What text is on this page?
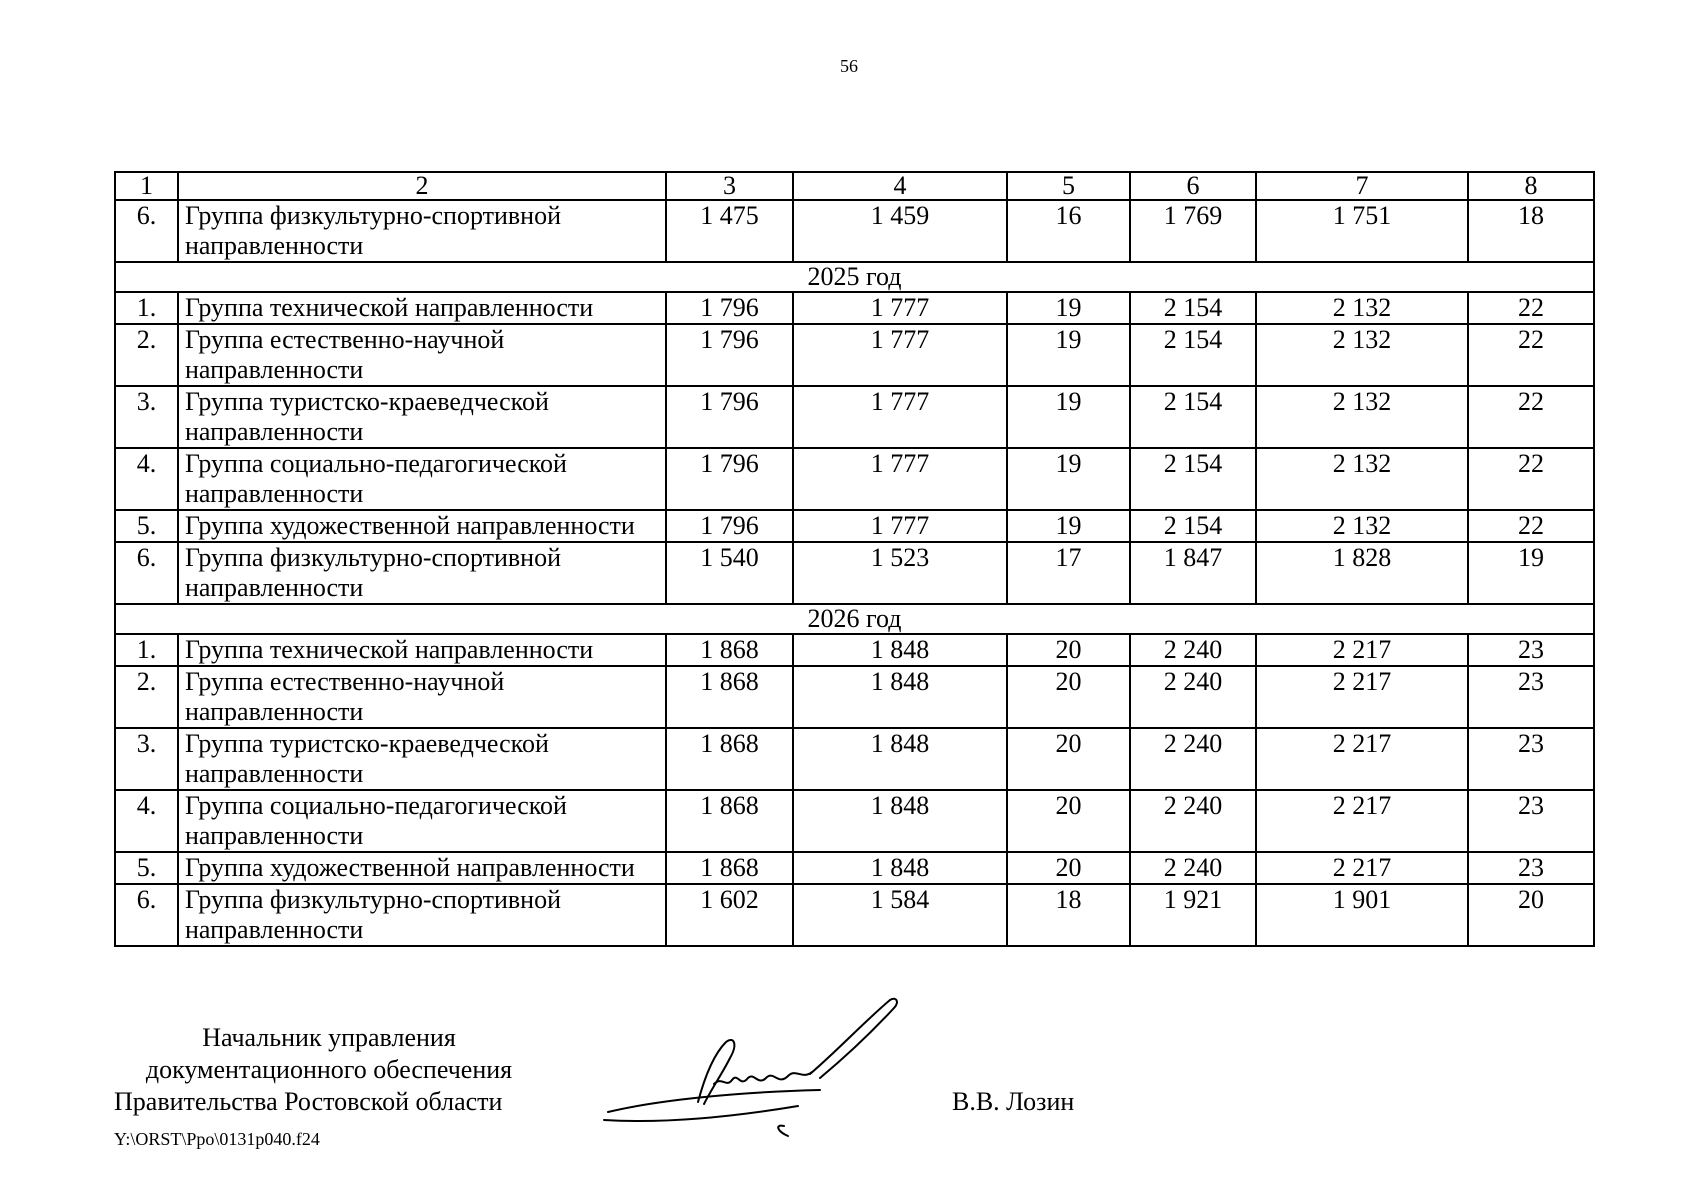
56
1	2	3	4	5	6	7	8
6.	Группа физкультурно-спортивной направленности	1 475	1 459	16	1 769	1 751	18
2025 год							
1.	Группа технической направленности	1 796	1 777	19	2 154	2 132	22
2.	Группа естественно-научной направленности	1 796	1 777	19	2 154	2 132	22
3.	Группа туристско-краеведческой направленности	1 796	1 777	19	2 154	2 132	22
4.	Группа социально-педагогической направленности	1 796	1 777	19	2 154	2 132	22
5.	Группа художественной направленности	1 796	1 777	19	2 154	2 132	22
6.	Группа физкультурно-спортивной направленности	1 540	1 523	17	1 847	1 828	19
2026 год							
1.	Группа технической направленности	1 868	1 848	20	2 240	2 217	23
2.	Группа естественно-научной направленности	1 868	1 848	20	2 240	2 217	23
3.	Группа туристско-краеведческой направленности	1 868	1 848	20	2 240	2 217	23
4.	Группа социально-педагогической направленности	1 868	1 848	20	2 240	2 217	23
5.	Группа художественной направленности	1 868	1 848	20	2 240	2 217	23
6.	Группа физкультурно-спортивной направленности	1 602	1 584	18	1 921	1 901	20
Начальник управления
документационного обеспечения
Правительства Ростовской области	В.В. Лозин
Y:\ORST\Ppo\0131p040.f24
